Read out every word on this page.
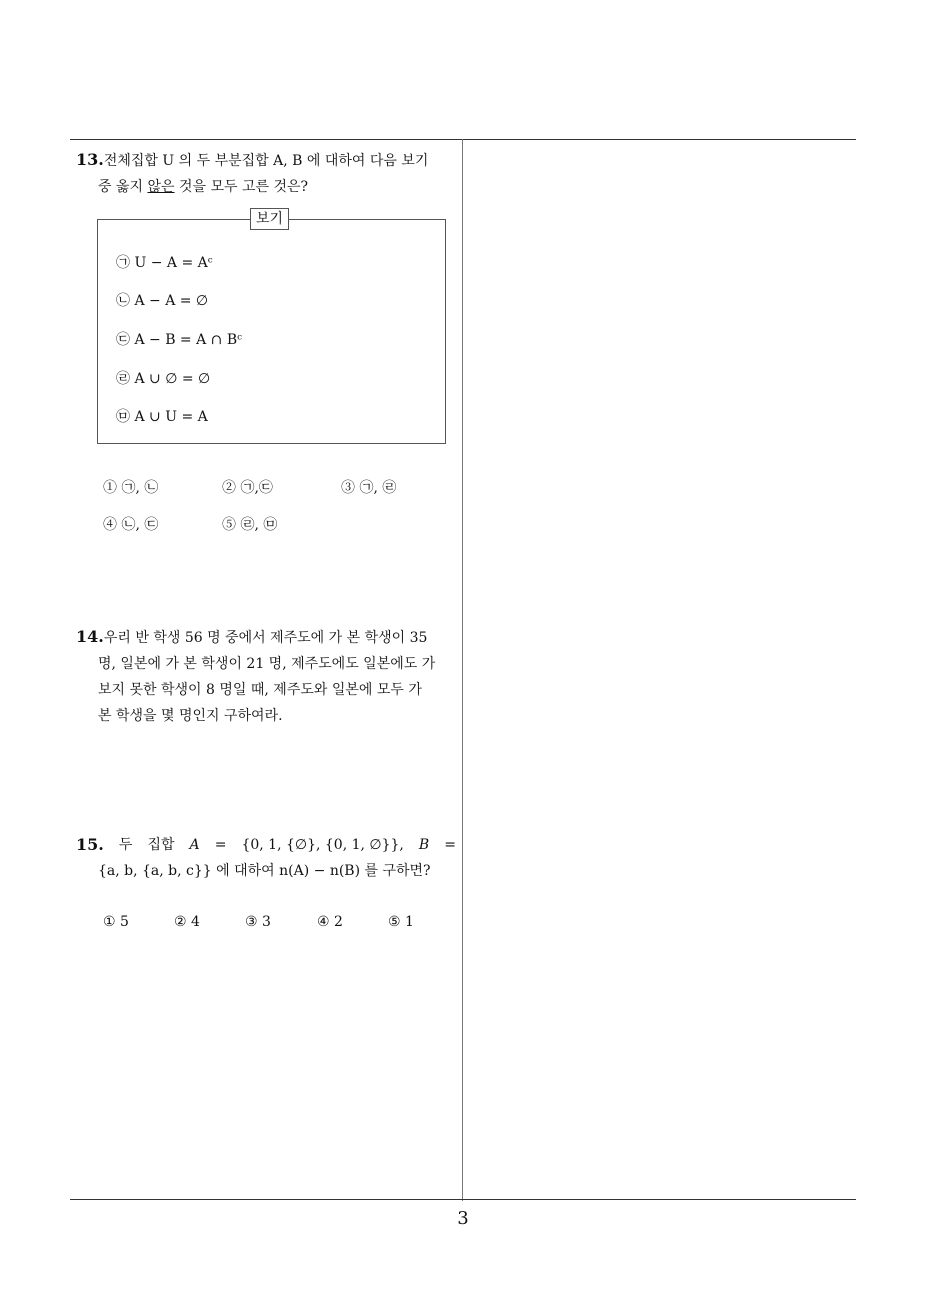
13.전체집합 U 의 두 부분집합 A, B 에 대하여 다음 보기
중 옳지 않은 것을 모두 고른 것은?
보기
㉠ U − A = Aᶜ
㉡ A − A = ∅
㉢ A − B = A ∩ Bᶜ
㉣ A ∪ ∅ = ∅
㉤ A ∪ U = A
① ㉠, ㉡	② ㉠,㉢	③ ㉠, ㉣
④ ㉡, ㉢	⑤ ㉣, ㉤
14.우리 반 학생 56 명 중에서 제주도에 가 본 학생이 35
명, 일본에 가 본 학생이 21 명, 제주도에도 일본에도 가
보지 못한 학생이 8 명일 때, 제주도와 일본에 모두 가
본 학생을 몇 명인지 구하여라.
15. 두 집합 A = {0, 1, {∅}, {0, 1, ∅}}, B =
{a, b, {a, b, c}} 에 대하여 n(A) − n(B) 를 구하면?
① 5	② 4	③ 3	④ 2	⑤ 1
3
